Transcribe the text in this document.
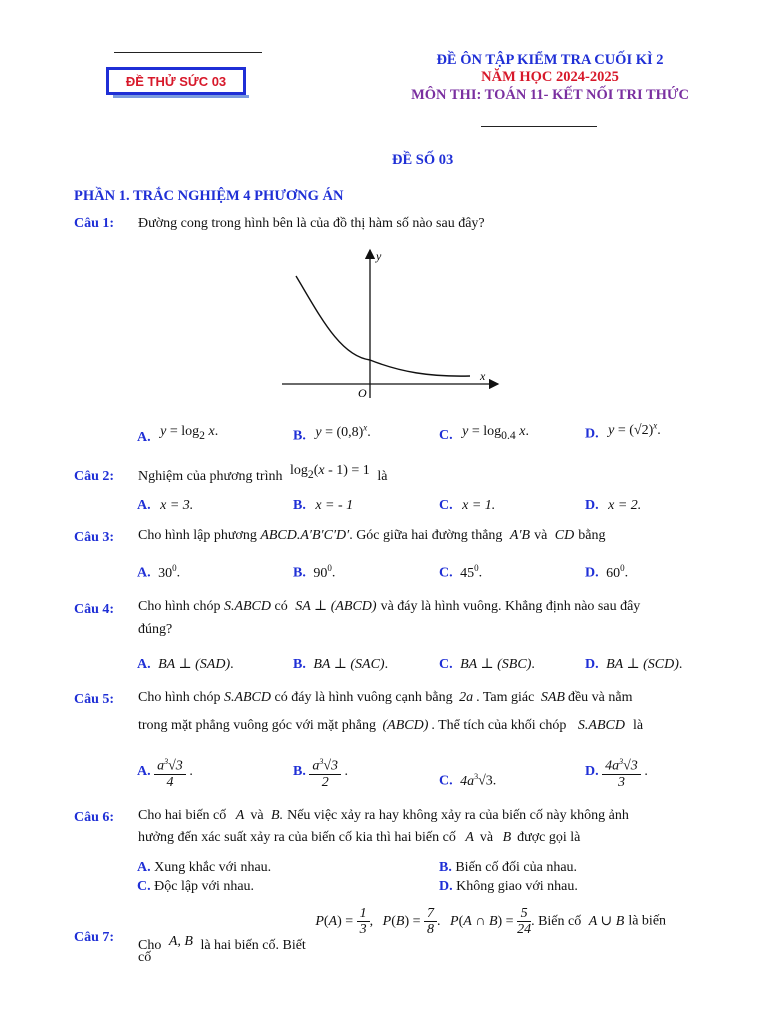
ĐỀ THỬ SỨC 03
ĐỀ ÔN TẬP KIỂM TRA CUỐI KÌ 2
NĂM HỌC 2024-2025
MÔN THI: TOÁN 11- KẾT NỐI TRI THỨC
ĐỀ SỐ 03
PHẦN 1. TRẮC NGHIỆM 4 PHƯƠNG ÁN
Câu 1: Đường cong trong hình bên là của đồ thị hàm số nào sau đây?
y
x
O
A. $y = \log_2 x$.	B. $y = (0,8)^x$.	C. $y = \log_{0.4} x$.	D. $y = (√2)^x$.
Câu 2: Nghiệm của phương trình $\log_2(x - 1) = 1$ là
A. x = 3.	B. x = - 1	C. x = 1.	D. x = 2.
Câu 3: Cho hình lập phương ABCD.A′B′C′D′. Góc giữa hai đường thẳng A′B và CD bằng
A. $30^0$.	B. $90^0$.	C. $45^0$.	D. $60^0$.
Câu 4: Cho hình chóp S.ABCD có SA ⊥ (ABCD) và đáy là hình vuông. Khẳng định nào sau đây
đúng?
A. BA ⊥ (SAD).	B. BA ⊥ (SAC).	C. BA ⊥ (SBC).	D. BA ⊥ (SCD).
Câu 5: Cho hình chóp S.ABCD có đáy là hình vuông cạnh bằng 2a . Tam giác SAB đều và nằm
trong mặt phẳng vuông góc với mặt phẳng (ABCD) . Thể tích của khối chóp S.ABCD là
A. $\frac{a^3√3}{4}$ .	B. $\frac{a^3√3}{2}$ .
C. $4a^3√3$.
D. $\frac{4a^3√3}{3}$ .
Câu 6: Cho hai biến cố A và B. Nếu việc xảy ra hay không xảy ra của biến cố này không ảnh
hưởng đến xác suất xảy ra của biến cố kia thì hai biến cố A và B được gọi là
A. Xung khắc với nhau.	B. Biến cố đối của nhau.
C. Độc lập với nhau.	D. Không giao với nhau.
Câu 7:
Cho A, B là hai biến cố. Biết $P(A) = \frac{1}{3}$ , $P(B) = \frac{7}{8}$ . P(A ∩ $B) = \frac{5}{24}$ . Biến cố A ∪ B là biến
cố
